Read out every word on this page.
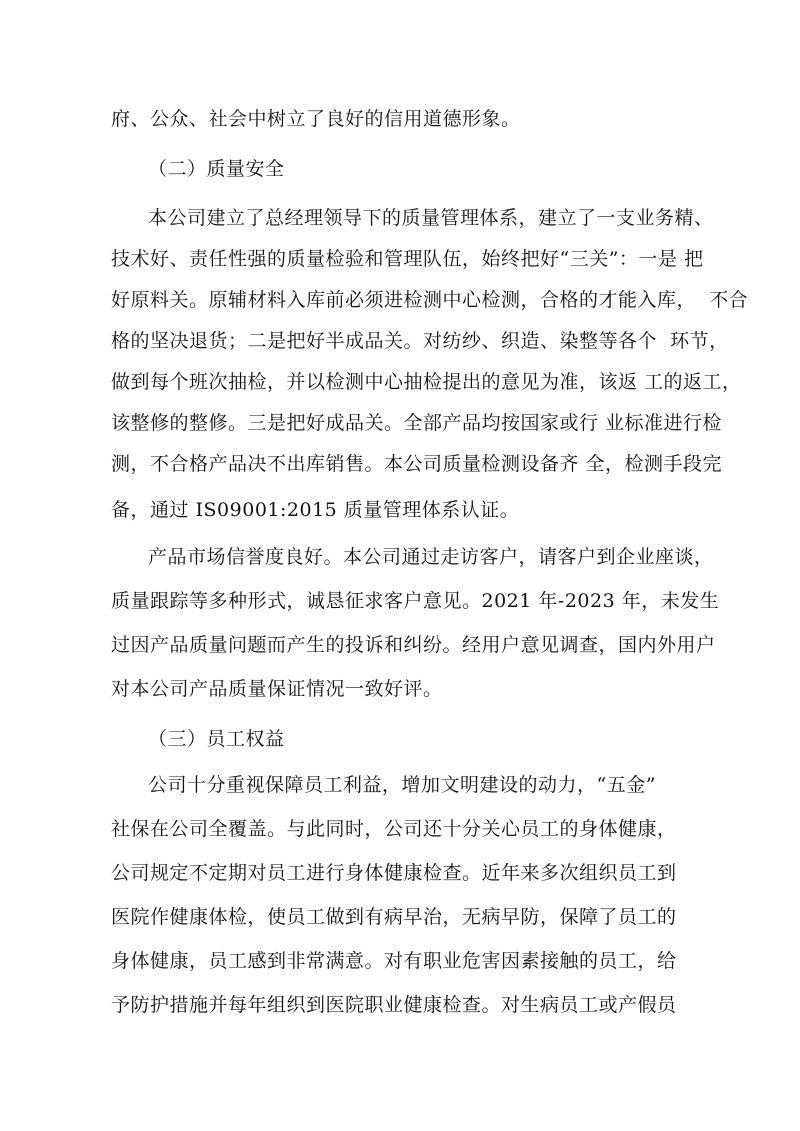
府、公众、社会中树立了良好的信用道德形象。
（二）质量安全
本公司建立了总经理领导下的质量管理体系，建立了一支业务精、
技术好、责任性强的质量检验和管理队伍，始终把好“三关”：一是 把
好原料关。原辅材料入库前必须进检测中心检测，合格的才能入库，  不合
格的坚决退货；二是把好半成品关。对纺纱、织造、染整等各个  环节，
做到每个班次抽检，并以检测中心抽检提出的意见为准，该返 工的返工，
该整修的整修。三是把好成品关。全部产品均按国家或行 业标准进行检
测，不合格产品决不出库销售。本公司质量检测设备齐 全，检测手段完
备，通过 IS09001:2015 质量管理体系认证。
产品市场信誉度良好。本公司通过走访客户，请客户到企业座谈，
质量跟踪等多种形式，诚恳征求客户意见。2021 年-2023 年，未发生
过因产品质量问题而产生的投诉和纠纷。经用户意见调查，国内外用户
对本公司产品质量保证情况一致好评。
（三）员工权益
公司十分重视保障员工利益，增加文明建设的动力，“五金”
社保在公司全覆盖。与此同时，公司还十分关心员工的身体健康，
公司规定不定期对员工进行身体健康检查。近年来多次组织员工到
医院作健康体检，使员工做到有病早治，无病早防，保障了员工的
身体健康，员工感到非常满意。对有职业危害因素接触的员工，给
予防护措施并每年组织到医院职业健康检查。对生病员工或产假员
